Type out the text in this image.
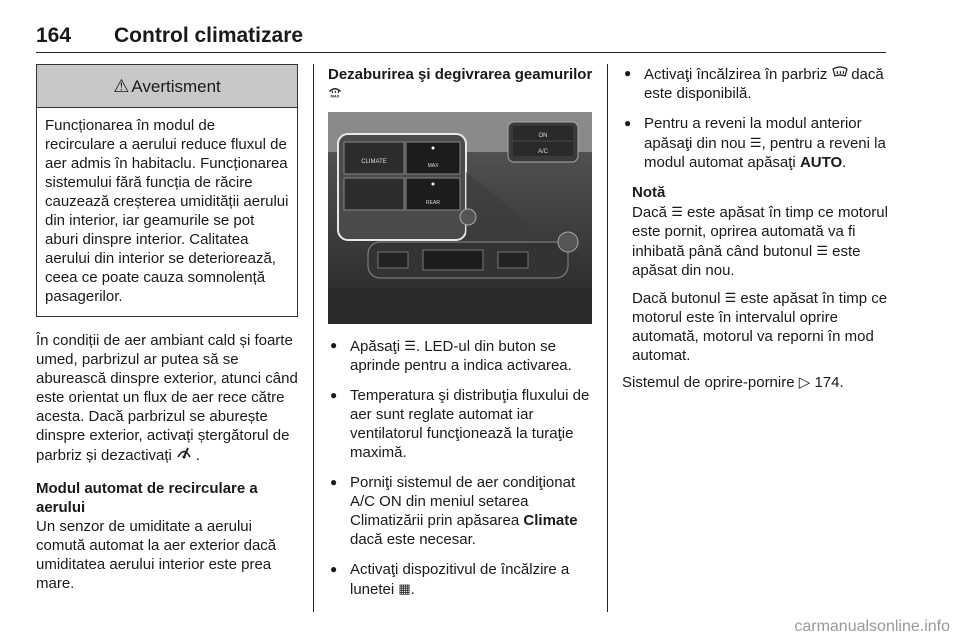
164 Control climatizare
⚠ Avertisment
Funcționarea în modul de recirculare a aerului reduce fluxul de aer admis în habitaclu. Funcționarea sistemului fără funcția de răcire cauzează creșterea umidității aerului din interior, iar geamurile se pot aburi dinspre interior. Calitatea aerului din interior se deteriorează, ceea ce poate cauza somnolență pasagerilor.

În condiții de aer ambiant cald și foarte umed, parbrizul ar putea să se aburească dinspre exterior, atunci când este orientat un flux de aer rece către acesta. Dacă parbrizul se aburește dinspre exterior, activați ștergătorul de parbriz și dezactivați .

Modul automat de recirculare a aerului

Un senzor de umiditate a aerului comută automat la aer exterior dacă umiditatea aerului interior este prea mare.

Dezaburirea şi degivrarea geamurilor
MAX

ON
A/C
CLIMATE
MAX
REAR
● Apăsaţi ☰. LED-ul din buton se aprinde pentru a indica activarea.
● Temperatura şi distribuţia fluxului de aer sunt reglate automat iar ventilatorul funcţionează la turaţie maximă.
● Porniţi sistemul de aer condiţionat A/C ON din meniul setarea Climatizării prin apăsarea Climate dacă este necesar.
● Activaţi dispozitivul de încălzire a lunetei ▦.
● Activaţi încălzirea în parbriz dacă este disponibilă.
● Pentru a reveni la modul anterior apăsaţi din nou ☰, pentru a reveni la modul automat apăsaţi AUTO.

Notă

Dacă ☰ este apăsat în timp ce motorul este pornit, oprirea automată va fi inhibată până când butonul ☰ este apăsat din nou.

Dacă butonul ☰ este apăsat în timp ce motorul este în intervalul oprire automată, motorul va reporni în mod automat.

Sistemul de oprire-pornire ▷ 174.

carmanualsonline.info
